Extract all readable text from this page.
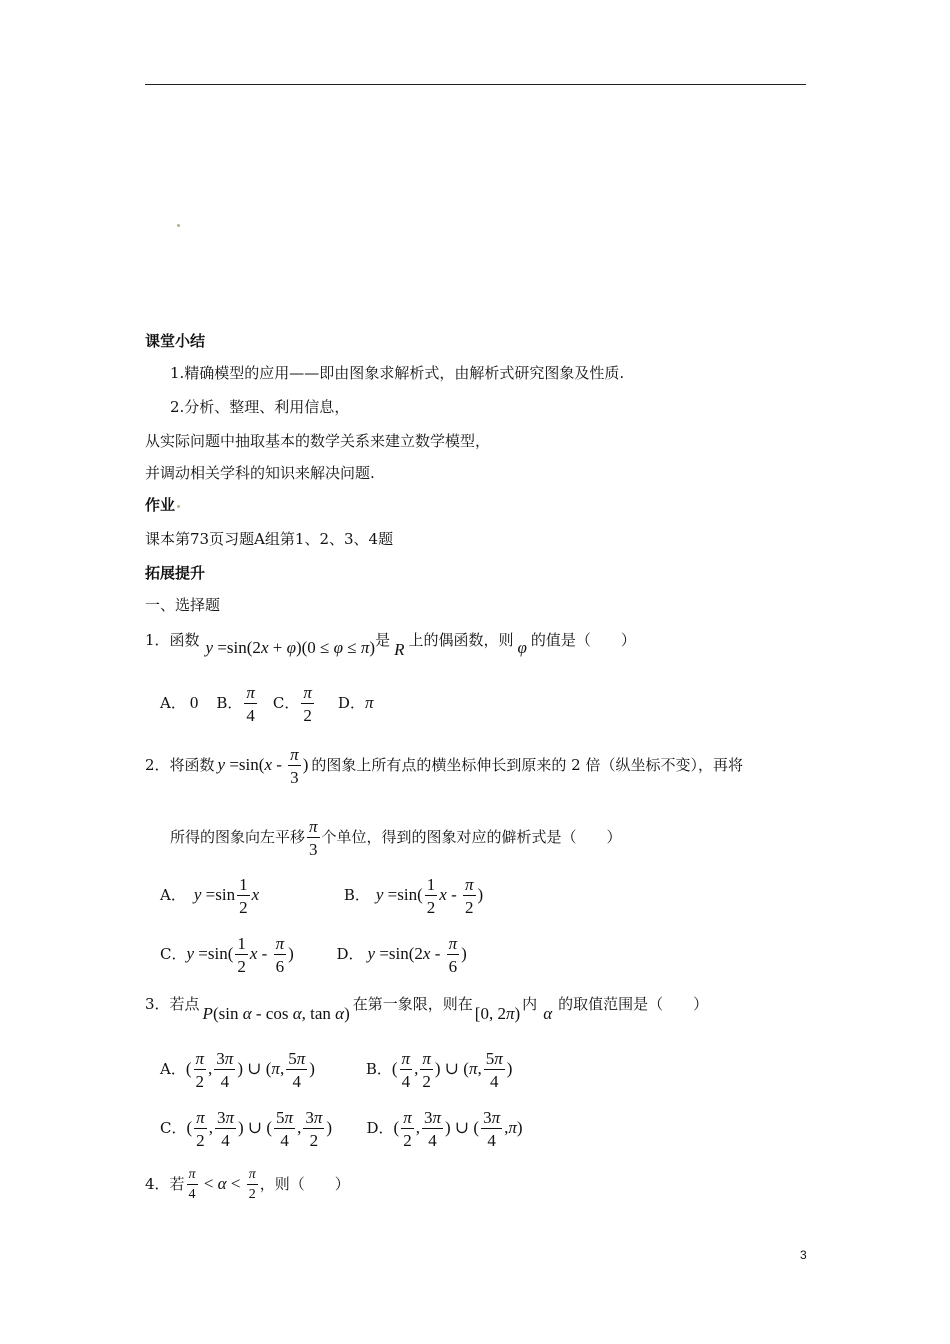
课堂小结
1.精确模型的应用——即由图象求解析式，由解析式研究图象及性质.
2.分析、整理、利用信息，
从实际问题中抽取基本的数学关系来建立数学模型，
并调动相关学科的知识来解决问题.
作业
课本第73页习题A组第1、2、3、4题
拓展提升
一、选择题
1．函数 y =sin(2x + φ)(0 ≤ φ ≤ π)是 R 上的偶函数，则 φ 的值是（　　）
A． 0 B． $\frac{\pi}{4}$ C． $\frac{\pi}{2}$ D．π
2．将函数 $y =\sin(x - \frac{\pi}{3}$ ) 的图象上所有点的横坐标伸长到原来的 2 倍（纵坐标不变），再将
所得的图象向左平移 $\frac{\pi}{3}$ 个单位，得到的图象对应的僻析式是（　　）
A． $y =\sin \frac{1}{2}$ x	B． $y =\sin( \frac{1}{2}$ x - $\frac{\pi}{2}$ )
C．$y =\sin( \frac{1}{2}$ x - $\frac{\pi}{6}$ )	D． $y =\sin(2x - \frac{\pi}{6}$ )
3．若点 P(sin α - cos α, tan α) 在第一象限，则在 [0, 2π) 内 α 的取值范围是（　　）
A．( $\frac{\pi}{2}$ , $\frac{3\pi}{4}$ ) ∪ (π, $\frac{5\pi}{4}$ )	B．( $\frac{\pi}{4}$ , $\frac{\pi}{2}$ ) ∪ (π, $\frac{5\pi}{4}$ )
C．( $\frac{\pi}{2}$ , $\frac{3\pi}{4}$ ) ∪ ( $\frac{5\pi}{4}$ , $\frac{3\pi}{2}$ ) D．( $\frac{\pi}{2}$ , $\frac{3\pi}{4}$ ) ∪ ( $\frac{3\pi}{4} ,\pi$)
4．若 $\frac{\pi}{4} < \alpha < \frac{\pi}{2}$ ，则（　　）
3
